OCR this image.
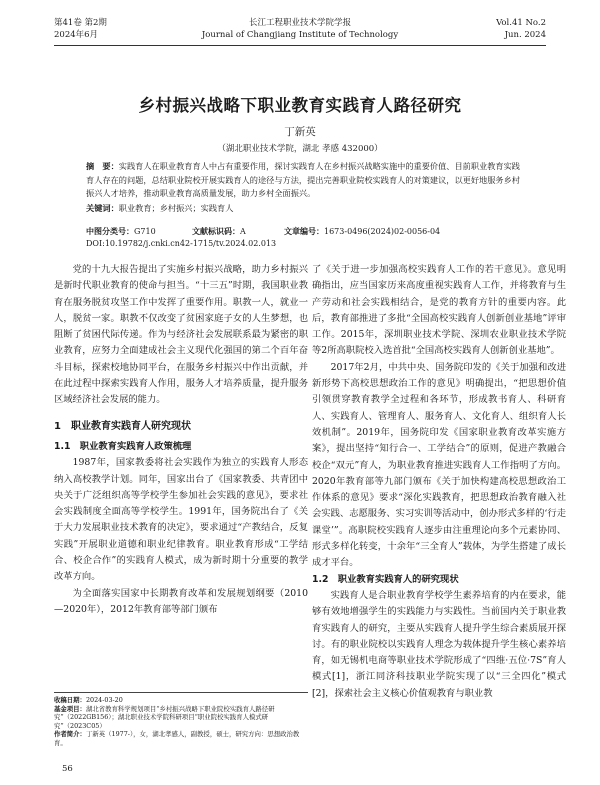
第41卷 第2期
2024年6月
长江工程职业技术学院学报
Journal of Changjiang Institute of Technology
Vol.41 No.2
Jun. 2024
乡村振兴战略下职业教育实践育人路径研究
丁新英
（湖北职业技术学院，湖北 孝感 432000）
摘　要：实践育人在职业教育育人中占有重要作用，探讨实践育人在乡村振兴战略实施中的重要价值、目前职业教育实践育人存在的问题，总结职业院校开展实践育人的途径与方法，提出完善职业院校实践育人的对策建议，以更好地服务乡村振兴人才培养，推动职业教育高质量发展，助力乡村全面振兴。
关键词：职业教育；乡村振兴；实践育人
中图分类号：G710	文献标识码：A	文章编号：1673-0496(2024)02-0056-04
DOI:10.19782/j.cnki.cn42-1715/tv.2024.02.013

党的十九大报告提出了实施乡村振兴战略，助力乡村振兴是新时代职业教育的使命与担当。“十三五”时期，我国职业教育在服务脱贫攻坚工作中发挥了重要作用。职教一人，就业一人，脱贫一家。职教不仅改变了贫困家庭子女的人生梦想，也阻断了贫困代际传递。作为与经济社会发展联系最为紧密的职业教育，应努力全面建成社会主义现代化强国的第二个百年奋斗目标，探索校地协同平台，在服务乡村振兴中作出贡献，并在此过程中探索实践育人作用，服务人才培养质量，提升服务区域经济社会发展的能力。

1　职业教育实践育人研究现状
1.1　职业教育实践育人政策梳理

1987年，国家教委将社会实践作为独立的实践育人形态纳入高校教学计划。同年，国家出台了《国家教委、共青团中央关于广泛组织高等学校学生参加社会实践的意见》，要求社会实践制度全面高等学校学生。1991年，国务院出台了《关于大力发展职业技术教育的决定》，要求通过“产教结合，反复实践”开展职业道德和职业纪律教育。职业教育形成“工学结合、校企合作”的实践育人模式，成为新时期十分重要的教学改革方向。

为全面落实国家中长期教育改革和发展规划纲要（2010—2020年），2012年教育部等部门颁布

了《关于进一步加强高校实践育人工作的若干意见》。意见明确指出，应当国家历来高度重视实践育人工作，并将教育与生产劳动和社会实践相结合，是党的教育方针的重要内容。此后，教育部推进了多批“全国高校实践育人创新创业基地”评审工作。2015年，深圳职业技术学院、深圳农业职业技术学院等2所高职院校入选首批“全国高校实践育人创新创业基地”。

2017年2月，中共中央、国务院印发的《关于加强和改进新形势下高校思想政治工作的意见》明确提出，“把思想价值引领贯穿教育教学全过程和各环节，形成教书育人、科研育人、实践育人、管理育人、服务育人、文化育人、组织育人长效机制”。2019年，国务院印发《国家职业教育改革实施方案》，提出坚持“知行合一、工学结合”的原则，促进产教融合校企“双元”育人，为职业教育推进实践育人工作指明了方向。2020年教育部等九部门颁布《关于加快构建高校思想政治工作体系的意见》要求“深化实践教育，把思想政治教育融入社会实践、志愿服务、实习实训等活动中，创办形式多样的‘行走课堂’”。高职院校实践育人逐步由注重理论向多个元素协同、形式多样化转变，十余年“三全育人”载体，为学生搭建了成长成才平台。

1.2　职业教育实践育人的研究现状

实践育人是合职业教育学校学生素养培育的内在要求，能够有效地增强学生的实践能力与实践性。当前国内关于职业教育实践育人的研究，主要从实践育人提升学生综合素质展开探讨。有的职业院校以实践育人理念为载体提升学生核心素养培育，如无锡机电商等职业技术学院形成了“四维·五位·7S”育人模式[1]，浙江同济科技职业学院实现了以“三全四化”模式[2]，探索社会主义核心价值观教育与职业教

收稿日期：2024-03-20
基金项目：湖北省教育科学规划项目“乡村振兴战略下职业院校实践育人路径研究”（2022GB156）；湖北职业技术学院科研项目“职业院校实践育人模式研究”（2023C05）
作者简介：丁新英（1977-），女，湖北孝感人，副教授，硕士，研究方向：思想政治教育。
56
